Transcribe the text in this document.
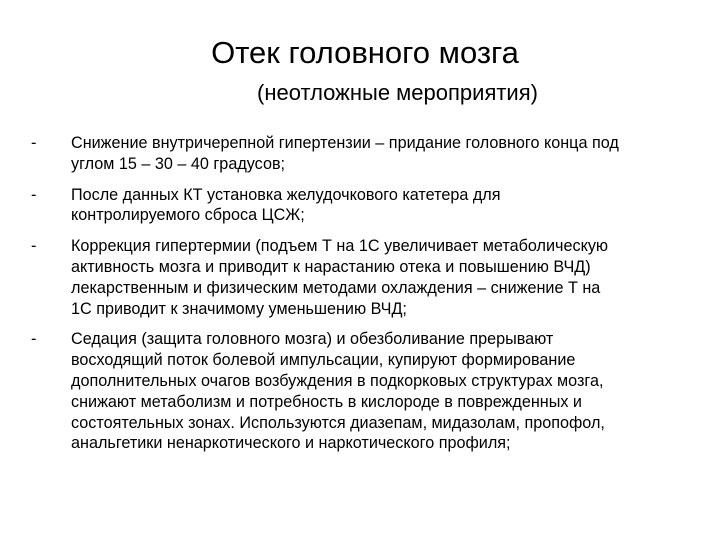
Отек головного мозга
(неотложные мероприятия)
-	Снижение внутричерепной гипертензии – придание головного конца под
углом 15 – 30 – 40 градусов;
-	После данных КТ установка желудочкового катетера для
контролируемого сброса ЦСЖ;
-	Коррекция гипертермии (подъем Т на 1С увеличивает метаболическую
активность мозга и приводит к нарастанию отека и повышению ВЧД)
лекарственным и физическим методами охлаждения – снижение Т на
1С приводит к значимому уменьшению ВЧД;
-	Седация (защита головного мозга) и обезболивание прерывают
восходящий поток болевой импульсации, купируют формирование
дополнительных очагов возбуждения в подкорковых структурах мозга,
снижают метаболизм и потребность в кислороде в поврежденных и
состоятельных зонах. Используются диазепам, мидазолам, пропофол,
анальгетики ненаркотического и наркотического профиля;
